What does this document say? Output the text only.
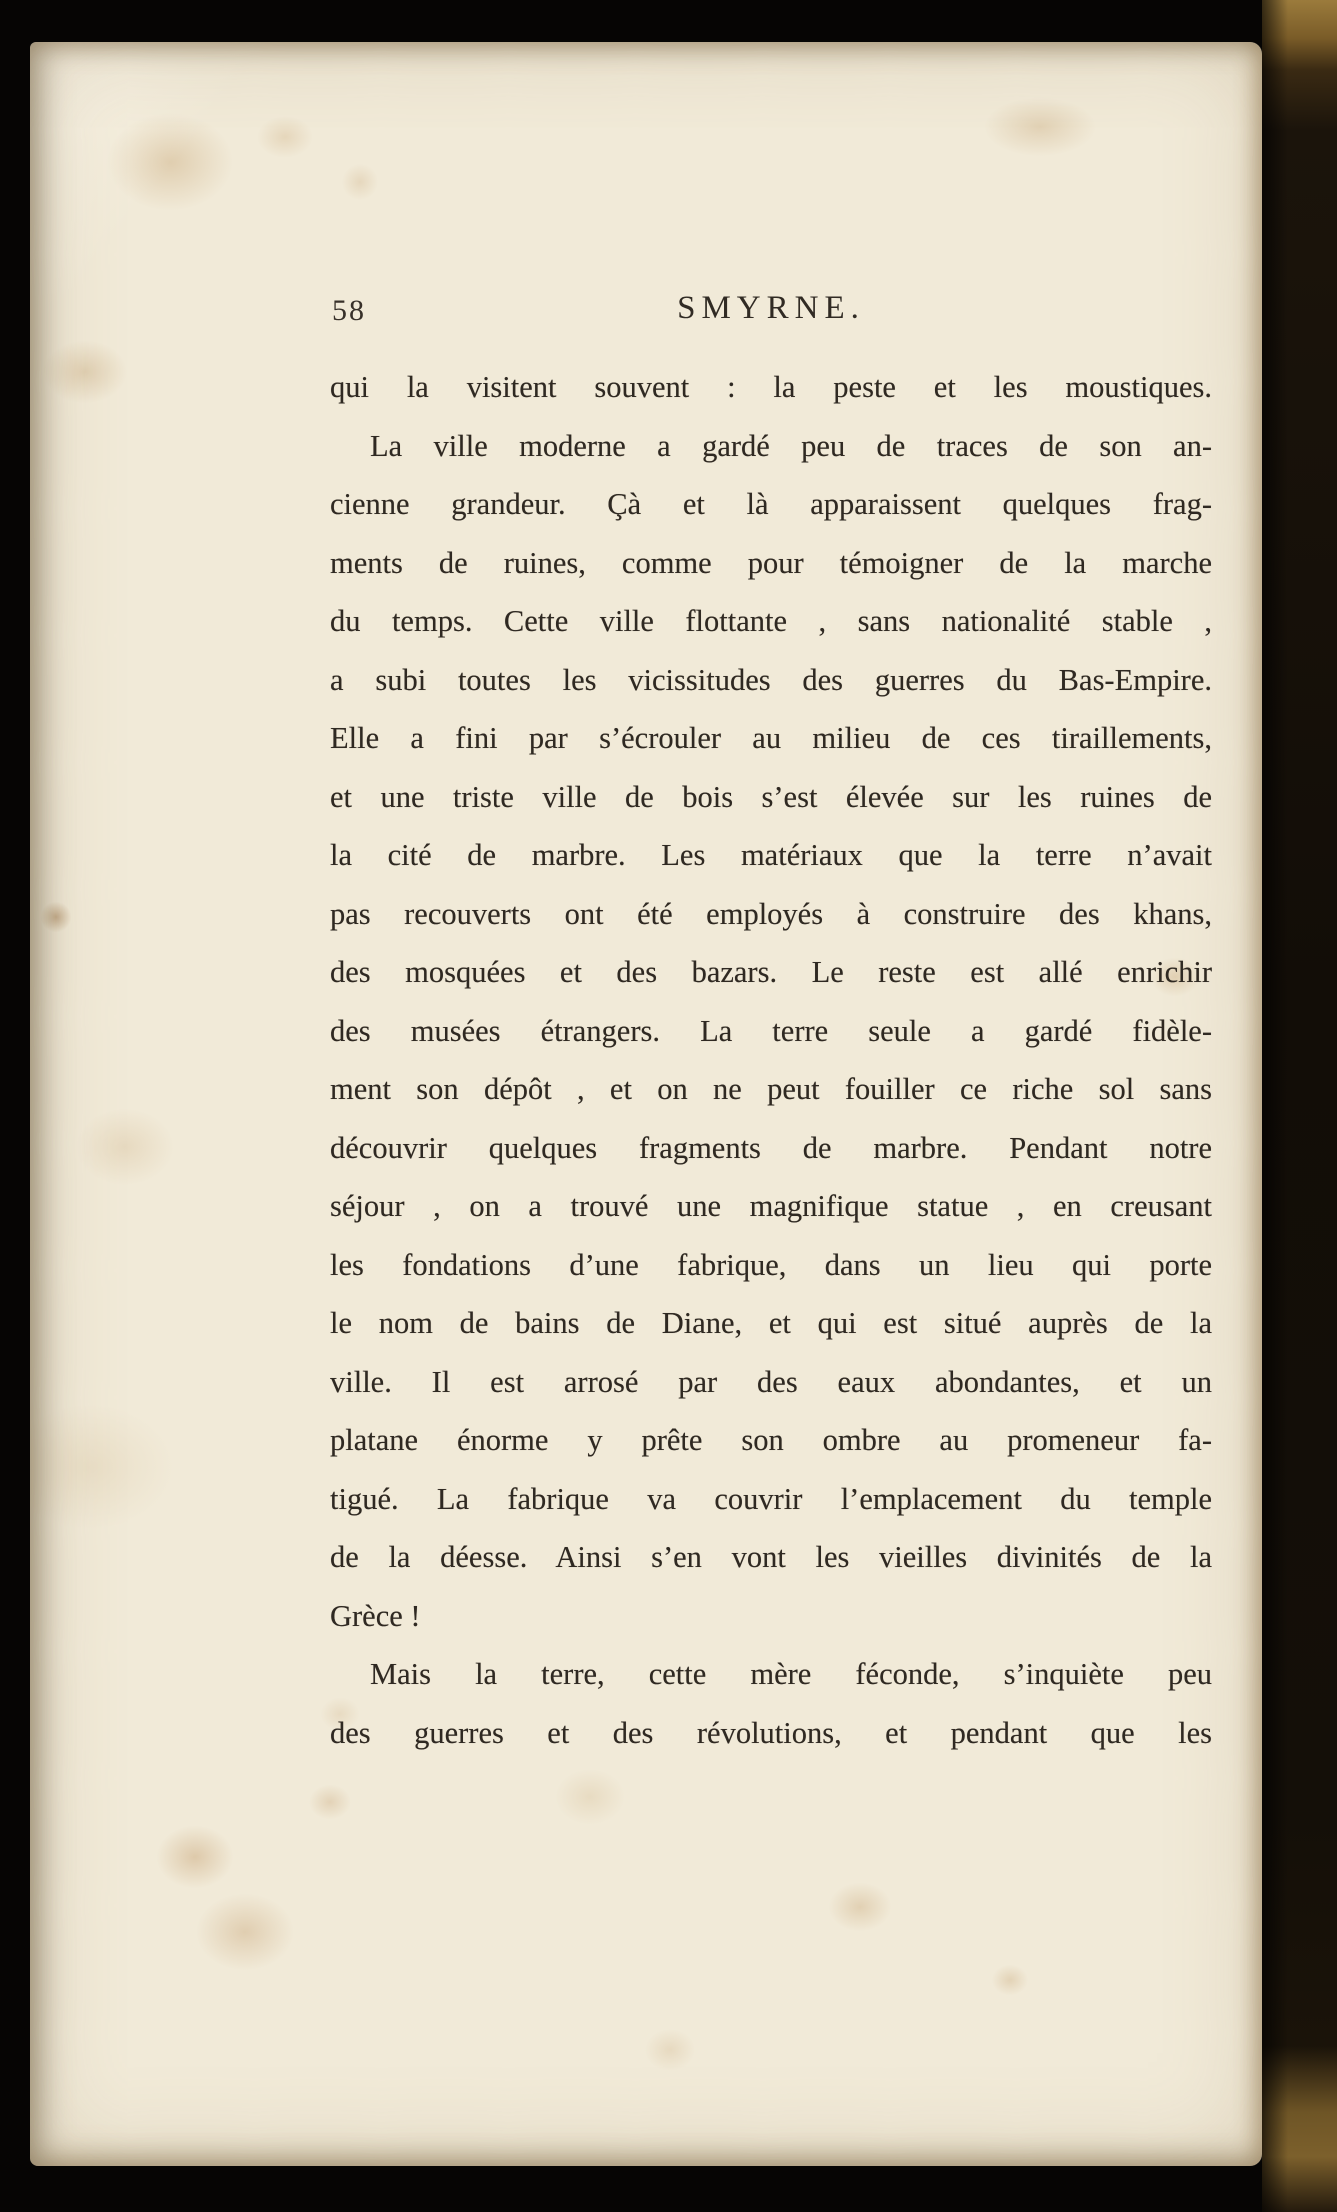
58	SMYRNE.
qui la visitent souvent : la peste et les moustiques.
La ville moderne a gardé peu de traces de son an-
cienne grandeur. Çà et là apparaissent quelques frag-
ments de ruines, comme pour témoigner de la marche
du temps. Cette ville flottante , sans nationalité stable ,
a subi toutes les vicissitudes des guerres du Bas-Empire.
Elle a fini par s’écrouler au milieu de ces tiraillements,
et une triste ville de bois s’est élevée sur les ruines de
la cité de marbre. Les matériaux que la terre n’avait
pas recouverts ont été employés à construire des khans,
des mosquées et des bazars. Le reste est allé enrichir
des musées étrangers. La terre seule a gardé fidèle-
ment son dépôt , et on ne peut fouiller ce riche sol sans
découvrir quelques fragments de marbre. Pendant notre
séjour , on a trouvé une magnifique statue , en creusant
les fondations d’une fabrique, dans un lieu qui porte
le nom de bains de Diane, et qui est situé auprès de la
ville. Il est arrosé par des eaux abondantes, et un
platane énorme y prête son ombre au promeneur fa-
tigué. La fabrique va couvrir l’emplacement du temple
de la déesse. Ainsi s’en vont les vieilles divinités de la
Grèce !
Mais la terre, cette mère féconde, s’inquiète peu
des guerres et des révolutions, et pendant que les
